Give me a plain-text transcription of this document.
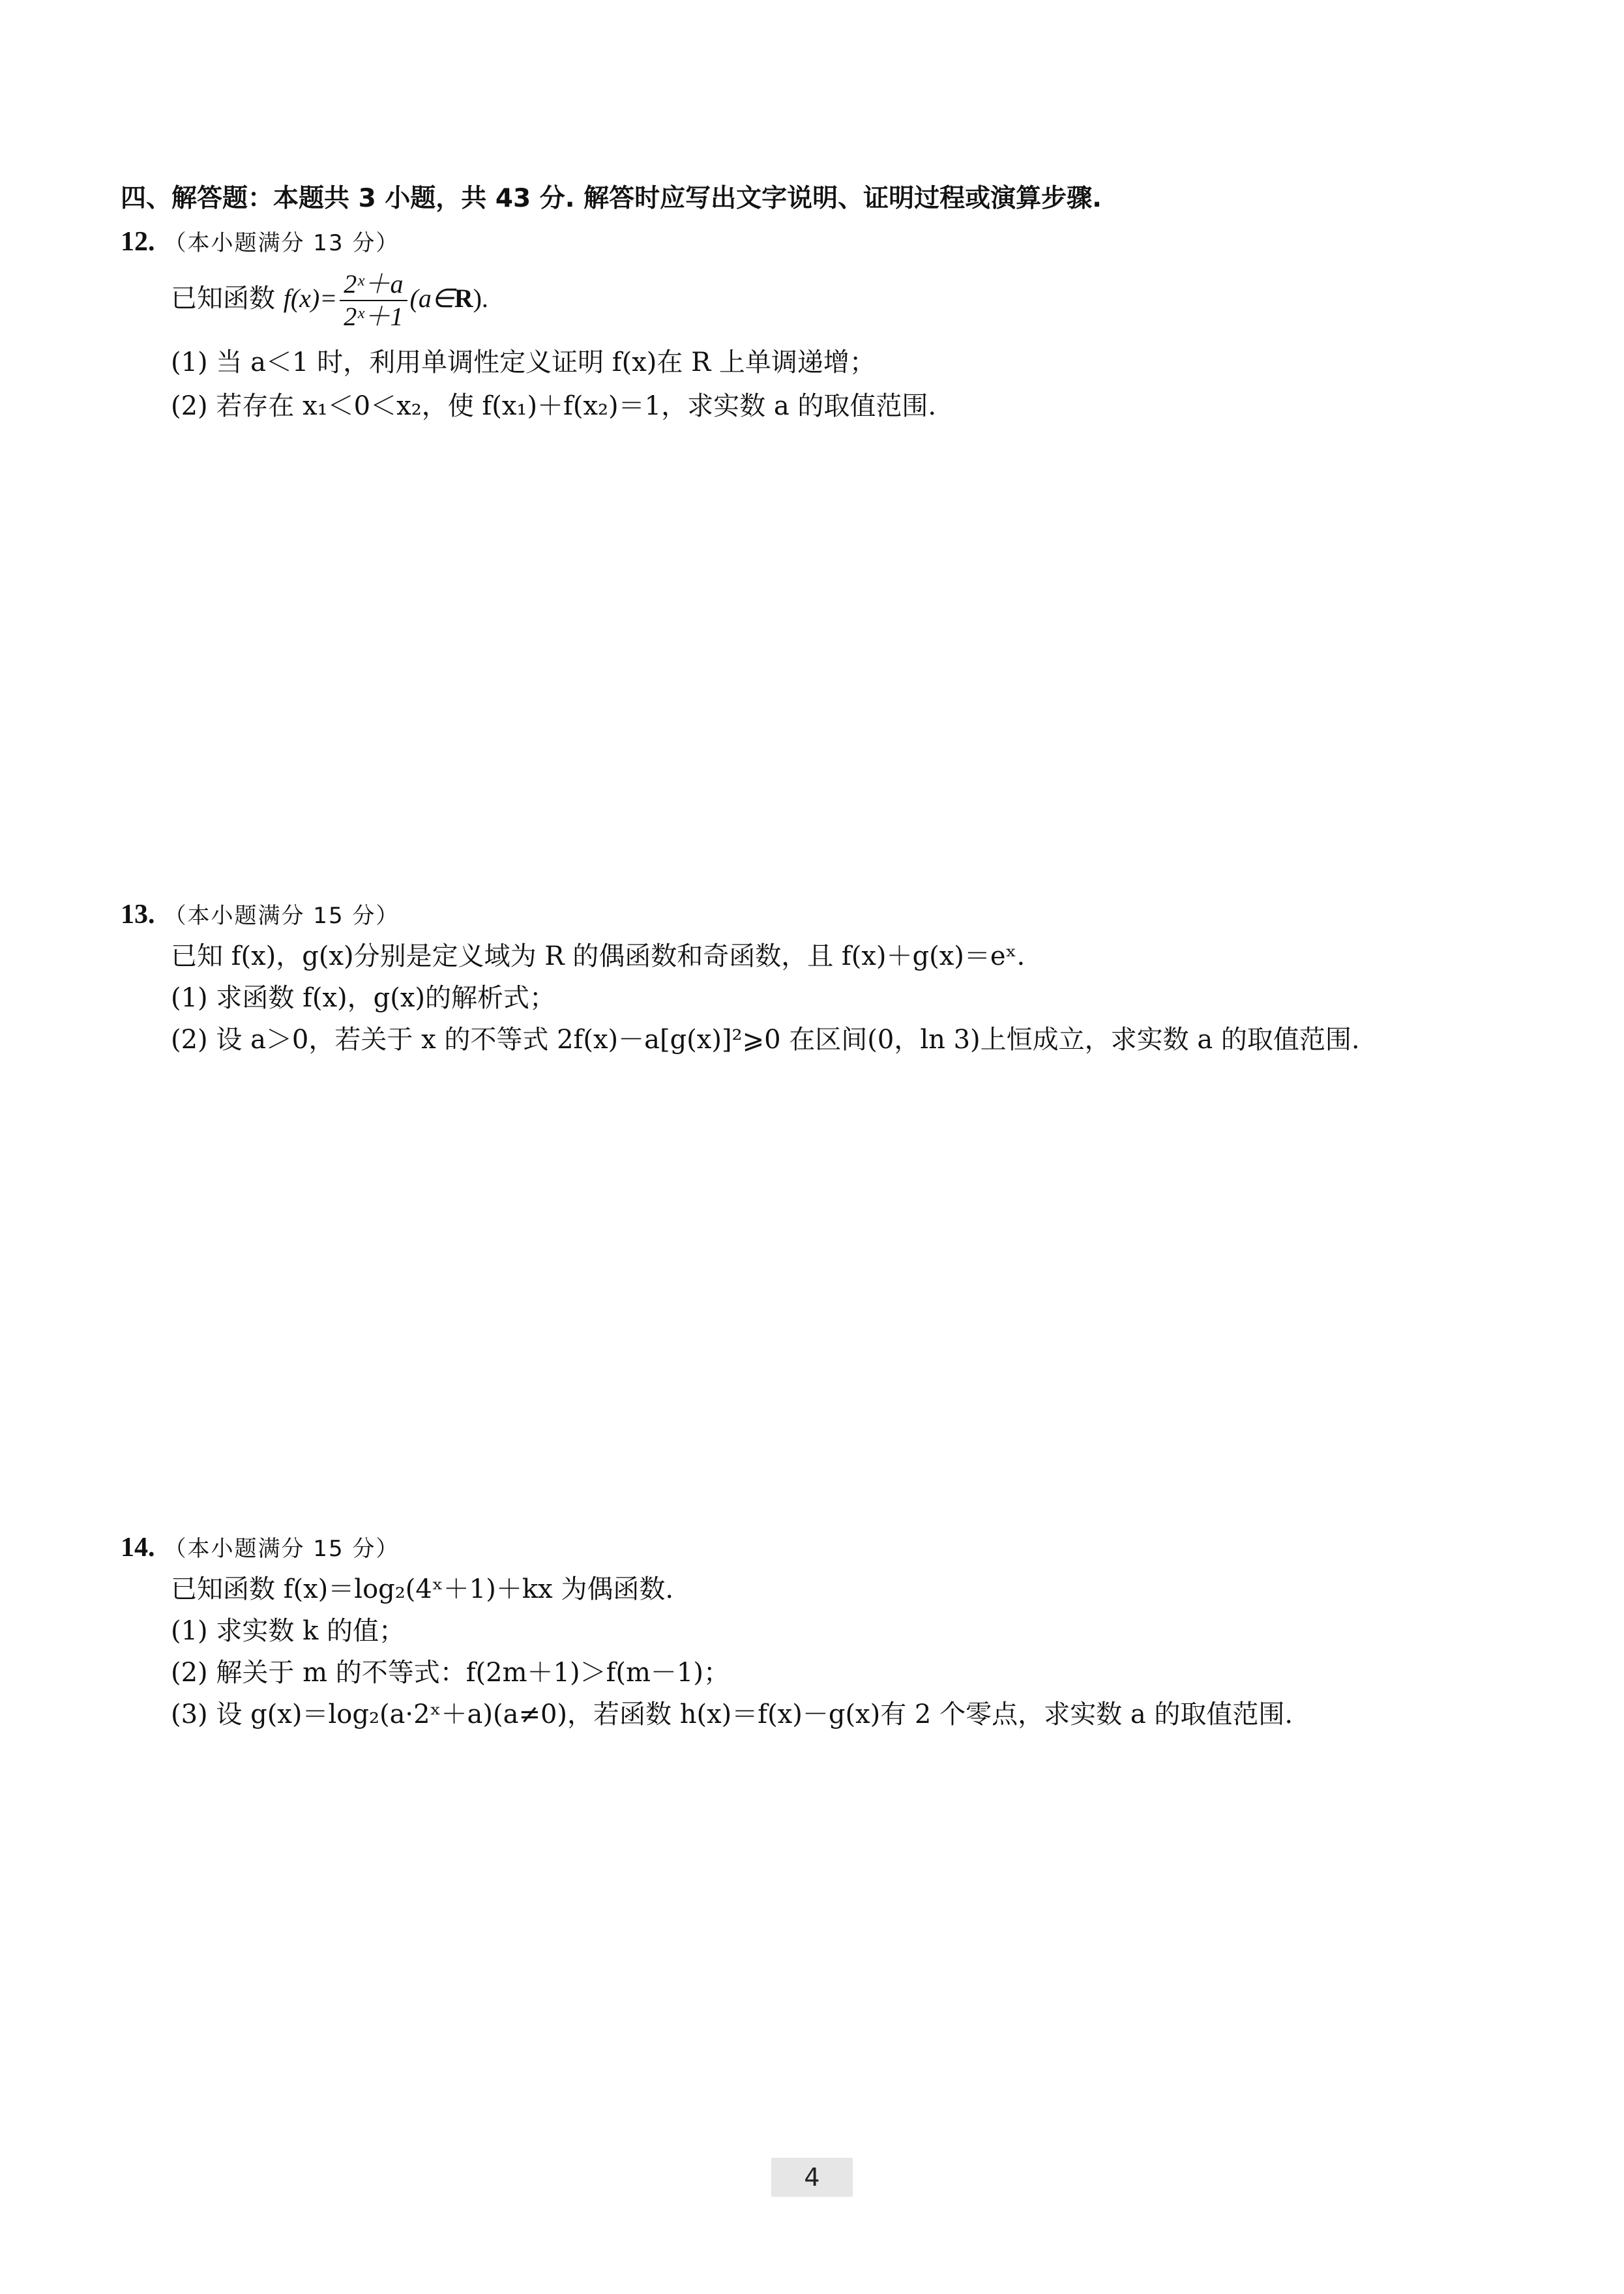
四、解答题：本题共 3 小题，共 43 分. 解答时应写出文字说明、证明过程或演算步骤.
12. （本小题满分 13 分）
已知函数 $f(x)= \frac{\text{2ˣ＋a}}{\text{2ˣ＋1}}$ (a∈R).
(1) 当 a＜1 时，利用单调性定义证明 f(x)在 R 上单调递增；
(2) 若存在 x₁＜0＜x₂，使 f(x₁)＋f(x₂)＝1，求实数 a 的取值范围.
13. （本小题满分 15 分）
已知 f(x)，g(x)分别是定义域为 R 的偶函数和奇函数，且 f(x)＋g(x)＝eˣ.
(1) 求函数 f(x)，g(x)的解析式；
(2) 设 a＞0，若关于 x 的不等式 2f(x)－a[g(x)]²⩾0 在区间(0，ln 3)上恒成立，求实数 a 的取值范围.
14. （本小题满分 15 分）
已知函数 f(x)＝log₂(4ˣ＋1)＋kx 为偶函数.
(1) 求实数 k 的值；
(2) 解关于 m 的不等式：f(2m＋1)＞f(m－1)；
(3) 设 g(x)＝log₂(a·2ˣ＋a)(a≠0)，若函数 h(x)＝f(x)－g(x)有 2 个零点，求实数 a 的取值范围.
4
